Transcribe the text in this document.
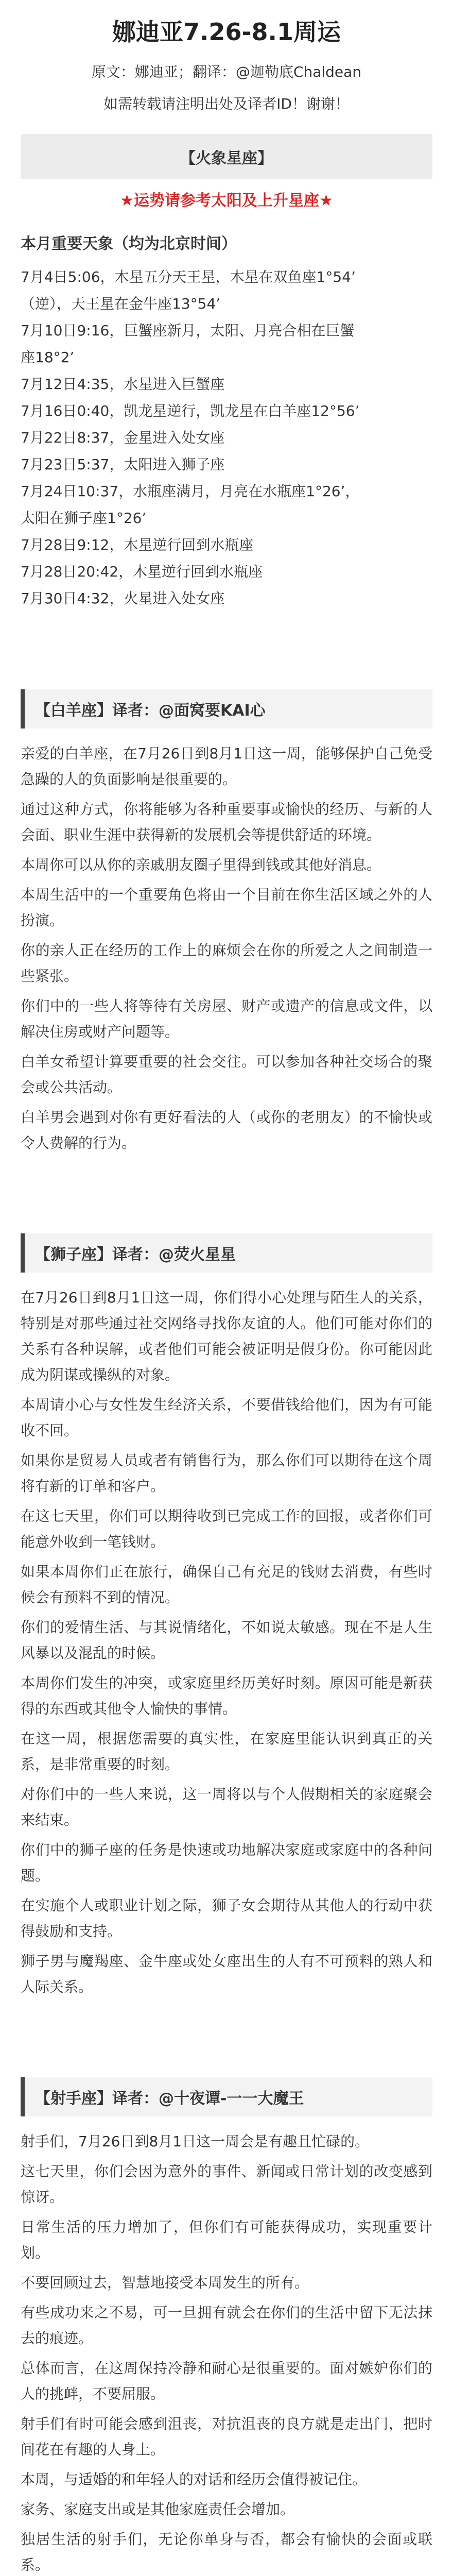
娜迪亚7.26-8.1周运
原文：娜迪亚；翻译：@迦勒底Chaldean
如需转载请注明出处及译者ID！谢谢！
【火象星座】
★运势请参考太阳及上升星座★
本月重要天象（均为北京时间）
7月4日5:06，木星五分天王星，木星在双鱼座1°54’
（逆），天王星在金牛座13°54’
7月10日9:16，巨蟹座新月，太阳、月亮合相在巨蟹
座18°2’
7月12日4:35，水星进入巨蟹座
7月16日0:40，凯龙星逆行，凯龙星在白羊座12°56’
7月22日8:37，金星进入处女座
7月23日5:37，太阳进入狮子座
7月24日10:37，水瓶座满月，月亮在水瓶座1°26’，
太阳在狮子座1°26’
7月28日9:12，木星逆行回到水瓶座
7月28日20:42，木星逆行回到水瓶座
7月30日4:32，火星进入处女座
【白羊座】译者：@面窝要KAI心

亲爱的白羊座，在7月26日到8月1日这一周，能够保护自己免受急躁的人的负面影响是很重要的。

通过这种方式，你将能够为各种重要事或愉快的经历、与新的人会面、职业生涯中获得新的发展机会等提供舒适的环境。

本周你可以从你的亲戚朋友圈子里得到钱或其他好消息。

本周生活中的一个重要角色将由一个目前在你生活区域之外的人扮演。

你的亲人正在经历的工作上的麻烦会在你的所爱之人之间制造一些紧张。

你们中的一些人将等待有关房屋、财产或遗产的信息或文件，以解决住房或财产问题等。

白羊女希望计算要重要的社会交往。可以参加各种社交场合的聚会或公共活动。

白羊男会遇到对你有更好看法的人（或你的老朋友）的不愉快或令人费解的行为。

【狮子座】译者：@荧火星星

在7月26日到8月1日这一周，你们得小心处理与陌生人的关系，特别是对那些通过社交网络寻找你友谊的人。他们可能对你们的关系有各种误解，或者他们可能会被证明是假身份。你可能因此成为阴谋或操纵的对象。

本周请小心与女性发生经济关系，不要借钱给他们，因为有可能收不回。

如果你是贸易人员或者有销售行为，那么你们可以期待在这个周将有新的订单和客户。

在这七天里，你们可以期待收到已完成工作的回报，或者你们可能意外收到一笔钱财。

如果本周你们正在旅行，确保自己有充足的钱财去消费，有些时候会有预料不到的情况。

你们的爱情生活、与其说情绪化，不如说太敏感。现在不是人生风暴以及混乱的时候。

本周你们发生的冲突，或家庭里经历美好时刻。原因可能是新获得的东西或其他令人愉快的事情。

在这一周，根据您需要的真实性，在家庭里能认识到真正的关系，是非常重要的时刻。

对你们中的一些人来说，这一周将以与个人假期相关的家庭聚会来结束。

你们中的狮子座的任务是快速或功地解决家庭或家庭中的各种问题。

在实施个人或职业计划之际，狮子女会期待从其他人的行动中获得鼓励和支持。

狮子男与魔羯座、金牛座或处女座出生的人有不可预料的熟人和人际关系。

【射手座】译者：@十夜谭-一一大魔王

射手们，7月26日到8月1日这一周会是有趣且忙碌的。

这七天里，你们会因为意外的事件、新闻或日常计划的改变感到惊讶。

日常生活的压力增加了，但你们有可能获得成功，实现重要计划。

不要回顾过去，智慧地接受本周发生的所有。

有些成功来之不易，可一旦拥有就会在你们的生活中留下无法抹去的痕迹。

总体而言，在这周保持冷静和耐心是很重要的。面对嫉妒你们的人的挑衅，不要屈服。

射手们有时可能会感到沮丧，对抗沮丧的良方就是走出门，把时间花在有趣的人身上。

本周，与适婚的和年轻人的对话和经历会值得被记住。

家务、家庭支出或是其他家庭责任会增加。

独居生活的射手们，无论你单身与否，都会有愉快的会面或联系。
